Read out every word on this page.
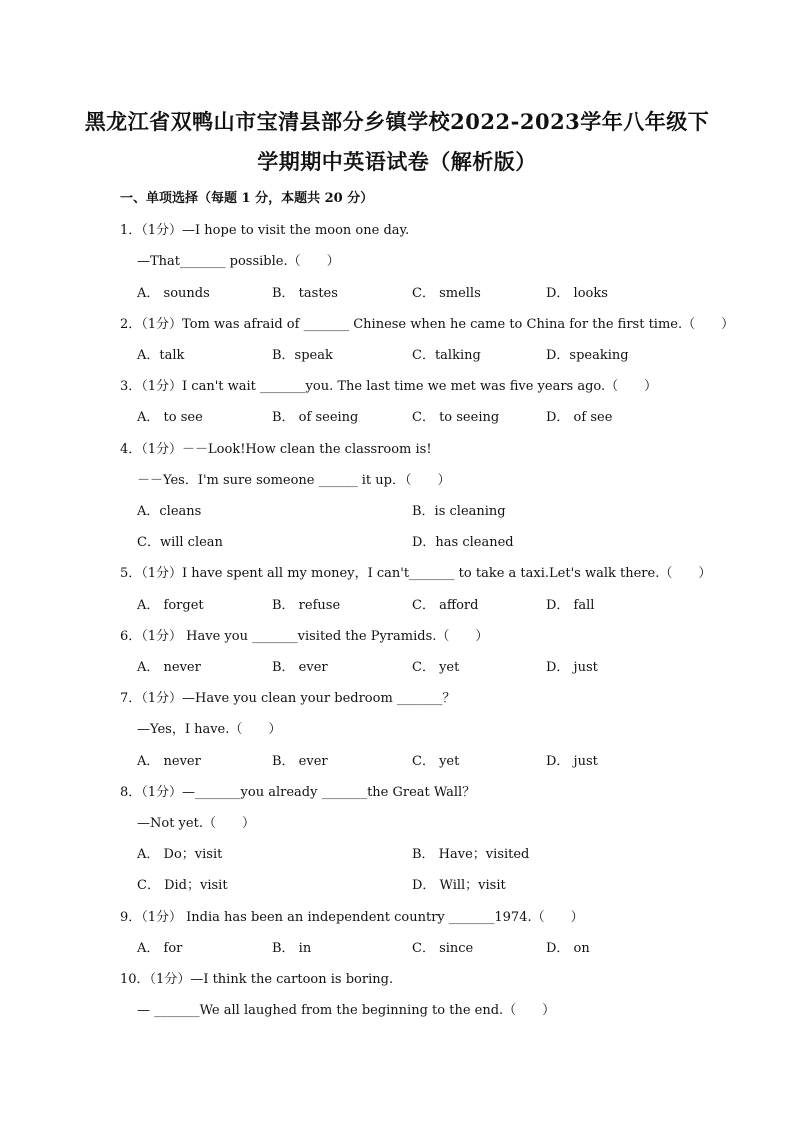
黑龙江省双鸭山市宝清县部分乡镇学校2022-2023学年八年级下
学期期中英语试卷（解析版）
一、单项选择（每题 1 分，本题共 20 分）
1．（1分）—I hope to visit the moon one day.
—That_______ possible.（　　）
A． sounds	B． tastes	C． smells	D． looks
2．（1分）Tom was afraid of _______ Chinese when he came to China for the first time.（　　）
A．talk	B．speak	C．talking	D．speaking
3．（1分）I can't wait _______you. The last time we met was five years ago.（　　）
A． to see	B． of seeing	C． to seeing	D． of see
4．（1分）－－Look!How clean the classroom is!
－－Yes．I'm sure someone ______ it up．（　　）
A．cleans	B．is cleaning
C．will clean	D．has cleaned
5．（1分）I have spent all my money，I can't_______ to take a taxi.Let's walk there.（　　）
A． forget	B． refuse	C． afford	D． fall
6．（1分） Have you _______visited the Pyramids.（　　）
A． never	B． ever	C． yet	D． just
7．（1分）—Have you clean your bedroom _______？
—Yes，I have.（　　）
A． never	B． ever	C． yet	D． just
8．（1分）—_______you already _______the Great Wall？
—Not yet.（　　）
A． Do；visit	B． Have；visited
C． Did；visit	D． Will；visit
9．（1分） India has been an independent country _______1974.（　　）
A． for	B． in	C． since	D． on
10．（1分）—I think the cartoon is boring.
— _______We all laughed from the beginning to the end.（　　）
